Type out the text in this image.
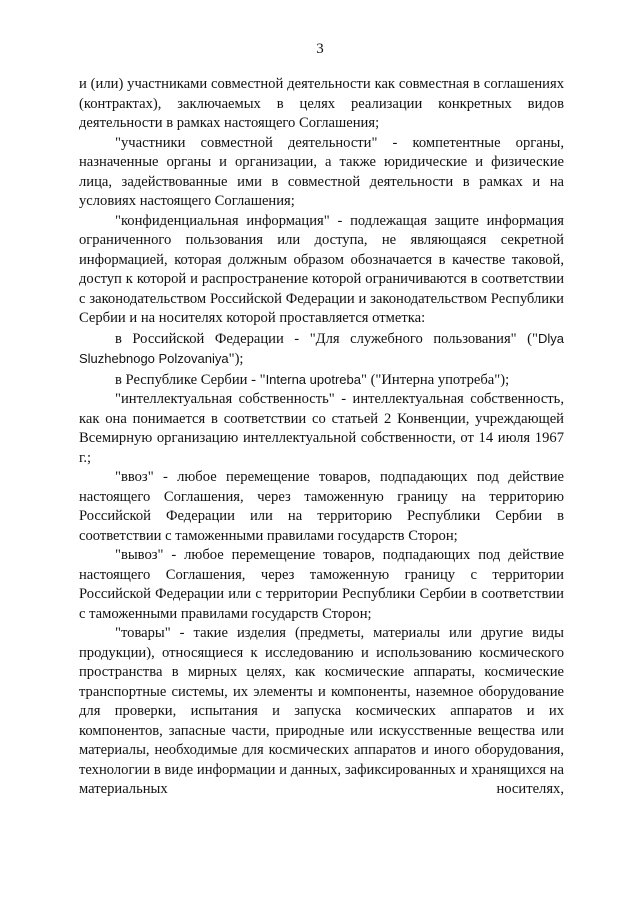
3

и (или) участниками совместной деятельности как совместная в соглашениях (контрактах), заключаемых в целях реализации конкретных видов деятельности в рамках настоящего Соглашения;

"участники совместной деятельности" - компетентные органы, назначенные органы и организации, а также юридические и физические лица, задействованные ими в совместной деятельности в рамках и на условиях настоящего Соглашения;

"конфиденциальная информация" - подлежащая защите информация ограниченного пользования или доступа, не являющаяся секретной информацией, которая должным образом обозначается в качестве таковой, доступ к которой и распространение которой ограничиваются в соответствии с законодательством Российской Федерации и законодательством Республики Сербии и на носителях которой проставляется отметка:

в Российской Федерации - "Для служебного пользования" ("Dlya Sluzhebnogo Polzovaniya");

в Республике Сербии - "Interna upotreba" ("Интерна употреба");

"интеллектуальная собственность" - интеллектуальная собственность, как она понимается в соответствии со статьей 2 Конвенции, учреждающей Всемирную организацию интеллектуальной собственности, от 14 июля 1967 г.;

"ввоз" - любое перемещение товаров, подпадающих под действие настоящего Соглашения, через таможенную границу на территорию Российской Федерации или на территорию Республики Сербии в соответствии с таможенными правилами государств Сторон;

"вывоз" - любое перемещение товаров, подпадающих под действие настоящего Соглашения, через таможенную границу с территории Российской Федерации или с территории Республики Сербии в соответствии с таможенными правилами государств Сторон;

"товары" - такие изделия (предметы, материалы или другие виды продукции), относящиеся к исследованию и использованию космического пространства в мирных целях, как космические аппараты, космические транспортные системы, их элементы и компоненты, наземное оборудование для проверки, испытания и запуска космических аппаратов и их компонентов, запасные части, природные или искусственные вещества или материалы, необходимые для космических аппаратов и иного оборудования, технологии в виде информации и данных, зафиксированных и хранящихся на материальных носителях,
